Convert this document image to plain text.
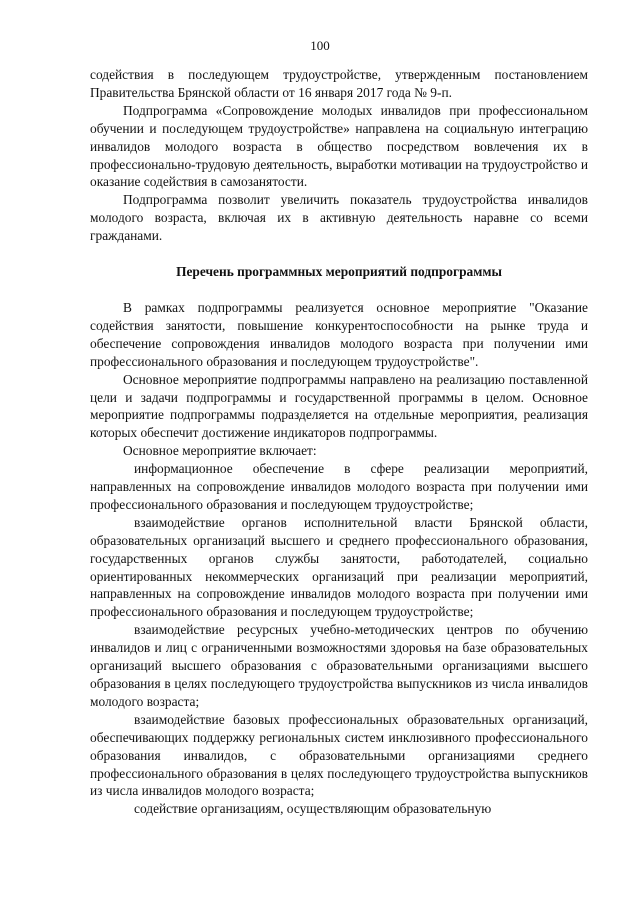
100

содействия в последующем трудоустройстве, утвержденным постановлением Правительства Брянской области от 16 января 2017 года № 9-п.

Подпрограмма «Сопровождение молодых инвалидов при профессиональном обучении и последующем трудоустройстве» направлена на социальную интеграцию инвалидов молодого возраста в общество посредством вовлечения их в профессионально-трудовую деятельность, выработки мотивации на трудоустройство и оказание содействия в самозанятости.

Подпрограмма позволит увеличить показатель трудоустройства инвалидов молодого возраста, включая их в активную деятельность наравне со всеми гражданами.

Перечень программных мероприятий подпрограммы

В рамках подпрограммы реализуется основное мероприятие "Оказание содействия занятости, повышение конкурентоспособности на рынке труда и обеспечение сопровождения инвалидов молодого возраста при получении ими профессионального образования и последующем трудоустройстве".

Основное мероприятие подпрограммы направлено на реализацию поставленной цели и задачи подпрограммы и государственной программы в целом. Основное мероприятие подпрограммы подразделяется на отдельные мероприятия, реализация которых обеспечит достижение индикаторов подпрограммы.

Основное мероприятие включает:

информационное обеспечение в сфере реализации мероприятий, направленных на сопровождение инвалидов молодого возраста при получении ими профессионального образования и последующем трудоустройстве;

взаимодействие органов исполнительной власти Брянской области, образовательных организаций высшего и среднего профессионального образования, государственных органов службы занятости, работодателей, социально ориентированных некоммерческих организаций при реализации мероприятий, направленных на сопровождение инвалидов молодого возраста при получении ими профессионального образования и последующем трудоустройстве;

взаимодействие ресурсных учебно-методических центров по обучению инвалидов и лиц с ограниченными возможностями здоровья на базе образовательных организаций высшего образования с образовательными организациями высшего образования в целях последующего трудоустройства выпускников из числа инвалидов молодого возраста;

взаимодействие базовых профессиональных образовательных организаций, обеспечивающих поддержку региональных систем инклюзивного профессионального образования инвалидов, с образовательными организациями среднего профессионального образования в целях последующего трудоустройства выпускников из числа инвалидов молодого возраста;

содействие организациям, осуществляющим образовательную
